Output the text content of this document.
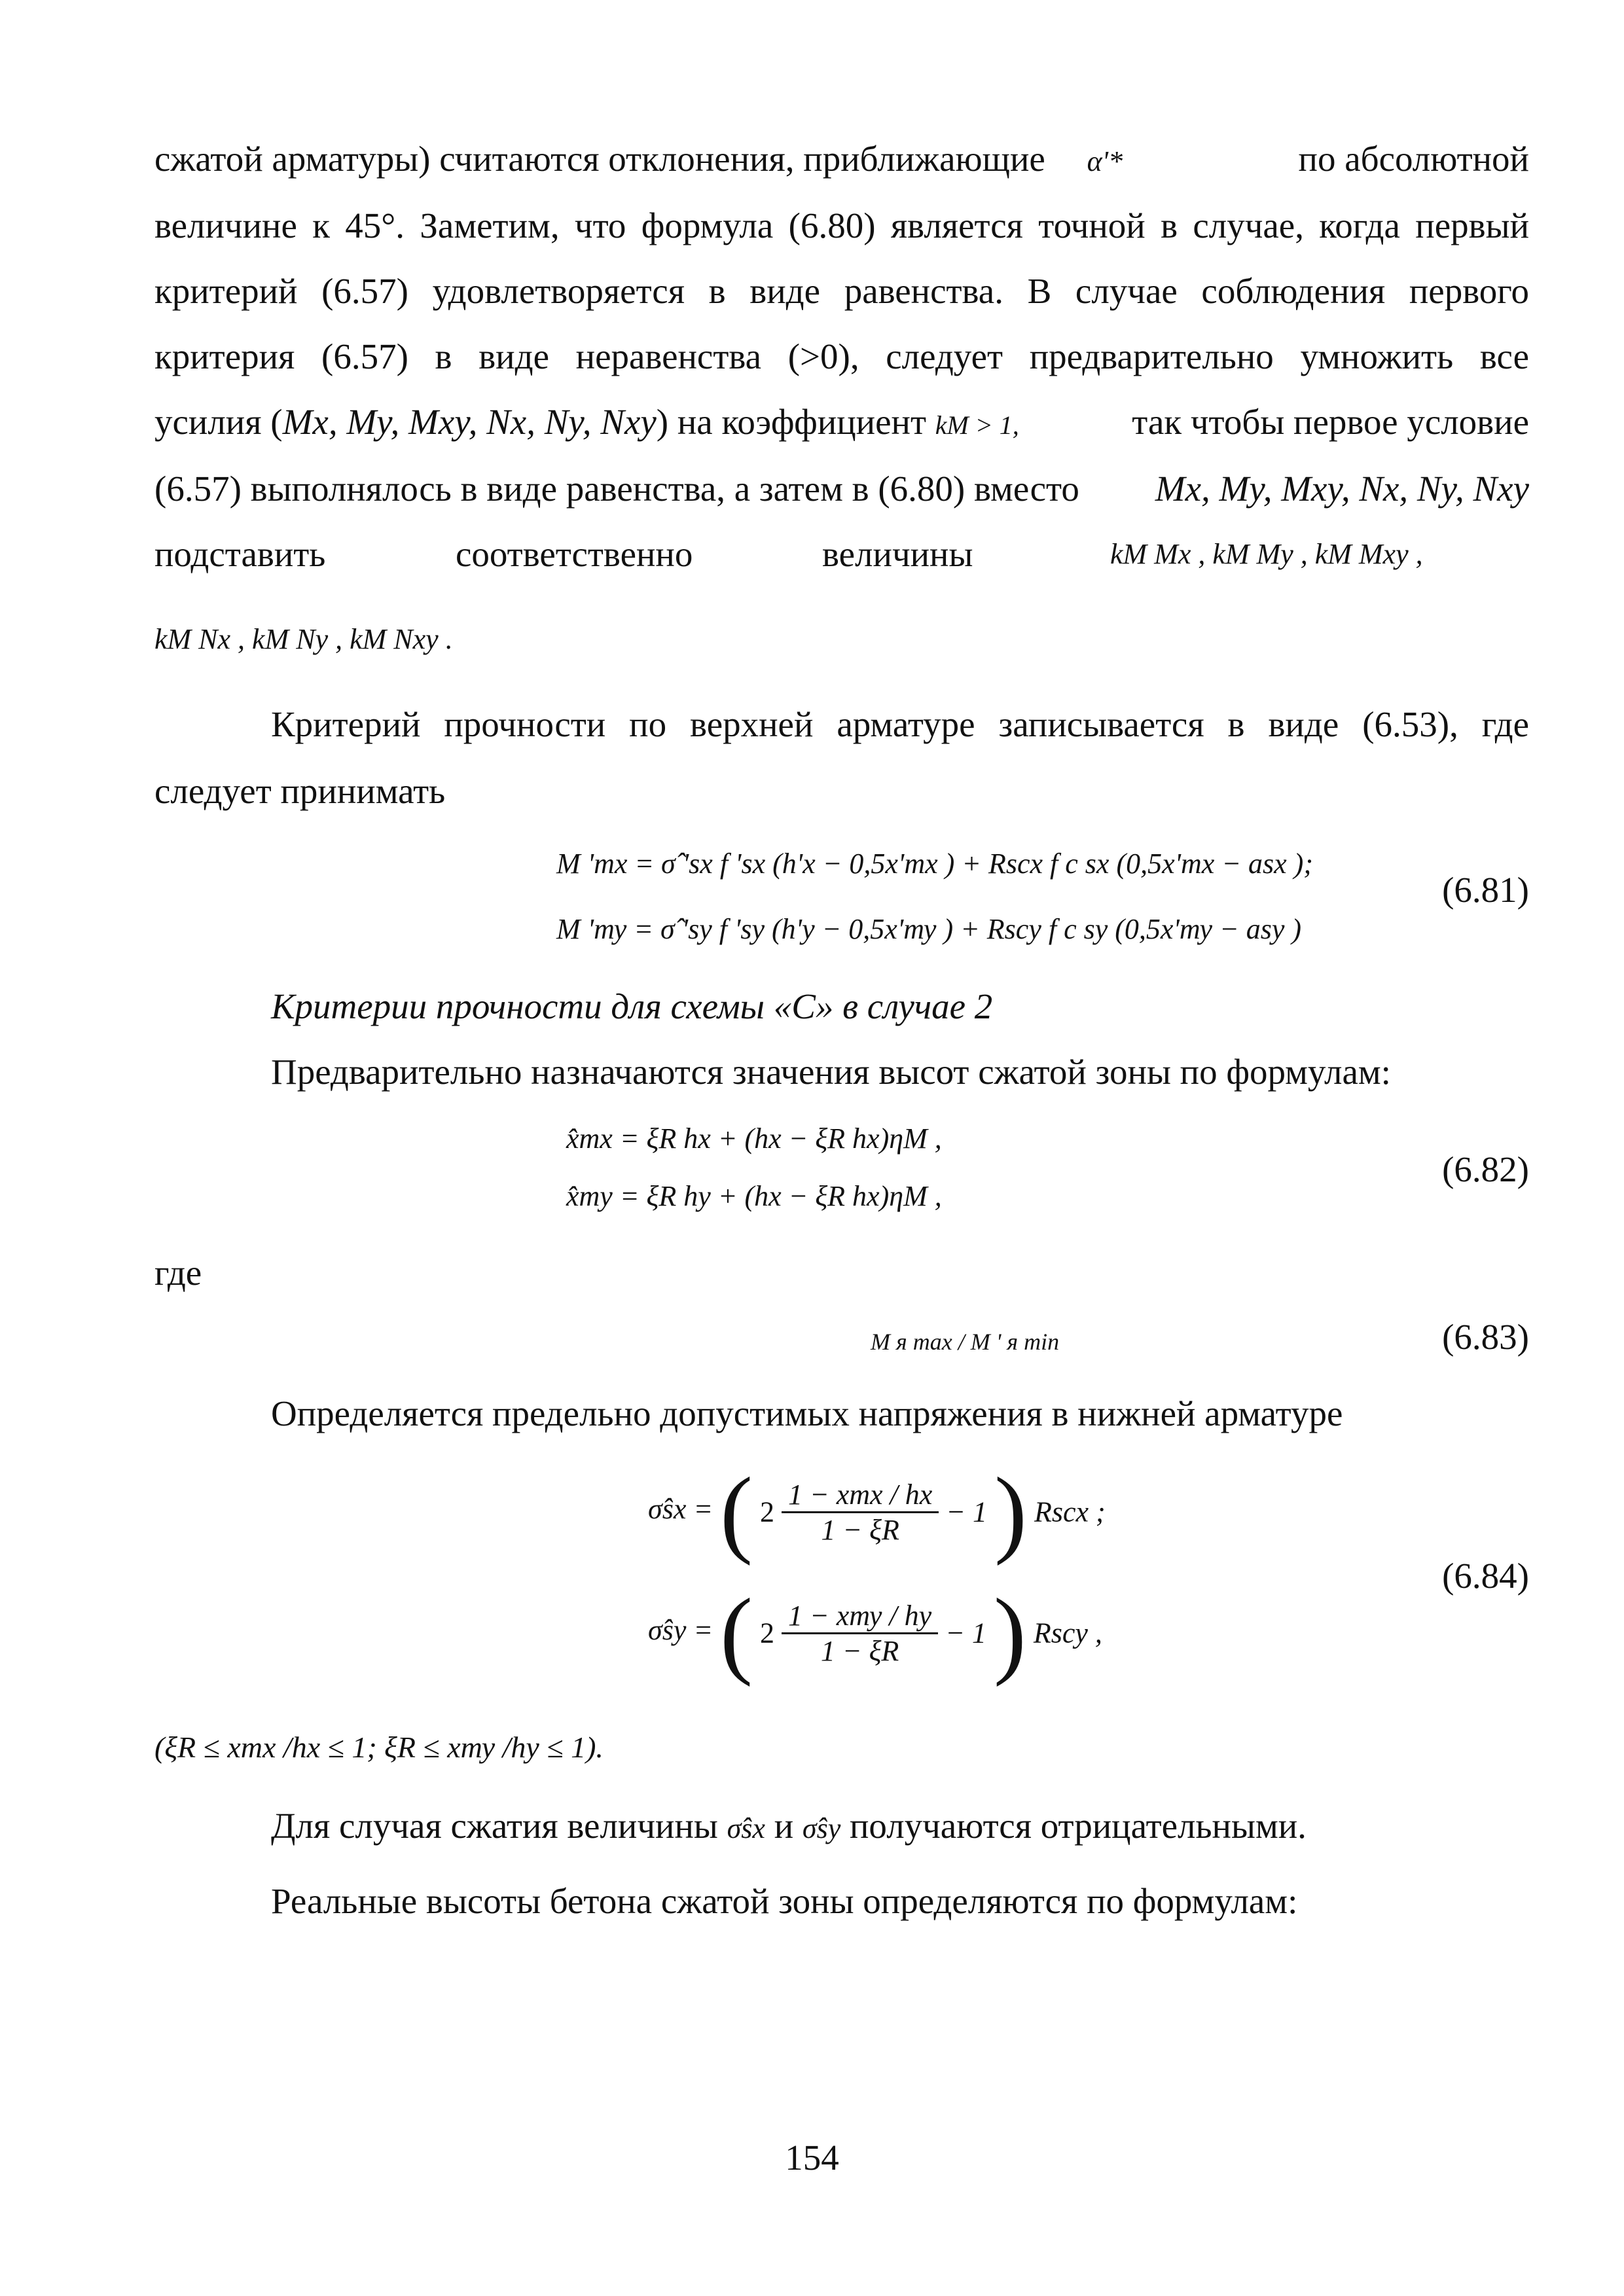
сжатой арматуры) считаются отклонения, приближающие α'*	по абсолютной
величине к 45°. Заметим, что формула (6.80) является точной в случае, когда первый
критерий (6.57) удовлетворяется в виде равенства. В случае соблюдения первого
критерия (6.57) в виде неравенства (>0), следует предварительно умножить все
усилия (Mx, My, Mxy, Nx, Ny, Nxy) на коэффициент kM > 1,	так чтобы первое условие
(6.57) выполнялось в виде равенства, а затем в (6.80) вместо Mx, My, Mxy, Nx, Ny, Nxy
подставить	соответственно	величины	kM Mx , kM My , kM Mxy ,
kM Nx , kM Ny , kM Nxy .
Критерий прочности по верхней арматуре записывается в виде (6.53), где
следует принимать
M 'тх = σ̂ 'sx f 'sx (h'x − 0,5x'тх ) + Rscx f c sx (0,5x'тх − asx );
M 'ту = σ̂ 'sy f 'sy (h'y − 0,5x'ту ) + Rscy f c sy (0,5x'ту − asy )
(6.81)
Критерии прочности для схемы «С» в случае 2
Предварительно назначаются значения высот сжатой зоны по формулам:
x̂тx = ξR hx + (hx − ξR hx)ηM ,
x̂тy = ξR hy + (hx − ξR hx)ηM ,
(6.82)
где
M я max / M ' я min	(6.83)
Определяется предельно допустимых напряжения в нижней арматуре
σ̂sx = ( $2 \frac{\text{1 − xтх / hx}}{1 - \xi R} - 1$ ) Rscx ;
σ̂sy = ( $2 \frac{\text{1 − xту / hy}}{1 - \xi R} - 1$ ) Rscy ,
(6.84)
(ξR ≤ xтх /hx ≤ 1; ξR ≤ xту /hy ≤ 1).
Для случая сжатия величины σ̂sx и σ̂sy получаются отрицательными.
Реальные высоты бетона сжатой зоны определяются по формулам:
154
